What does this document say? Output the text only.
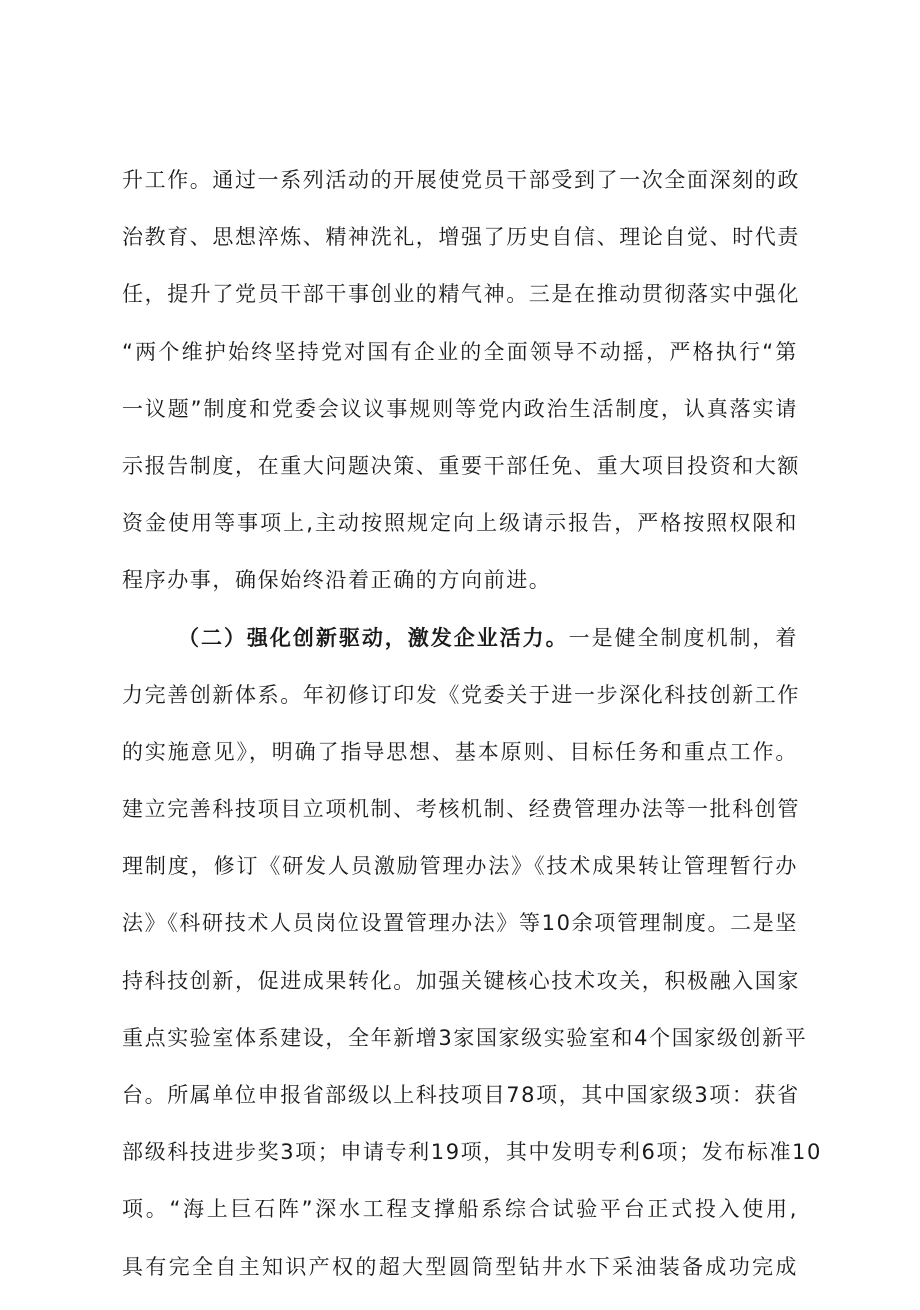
升工作。通过一系列活动的开展使党员干部受到了一次全面深刻的政
治教育、思想淬炼、精神洗礼，增强了历史自信、理论自觉、时代责
任，提升了党员干部干事创业的精气神。三是在推动贯彻落实中强化
“两个维护始终坚持党对国有企业的全面领导不动摇，严格执行“第
一议题”制度和党委会议议事规则等党内政治生活制度，认真落实请
示报告制度，在重大问题决策、重要干部任免、重大项目投资和大额
资金使用等事项上,主动按照规定向上级请示报告，严格按照权限和
程序办事，确保始终沿着正确的方向前进。
（二）强化创新驱动，激发企业活力。一是健全制度机制，着
力完善创新体系。年初修订印发《党委关于进一步深化科技创新工作
的实施意见》，明确了指导思想、基本原则、目标任务和重点工作。
建立完善科技项目立项机制、考核机制、经费管理办法等一批科创管
理制度，修订《研发人员激励管理办法》《技术成果转让管理暂行办
法》《科研技术人员岗位设置管理办法》等10余项管理制度。二是坚
持科技创新，促进成果转化。加强关键核心技术攻关，积极融入国家
重点实验室体系建设，全年新增3家国家级实验室和4个国家级创新平
台。所属单位申报省部级以上科技项目78项，其中国家级3项：获省
部级科技进步奖3项；申请专利19项，其中发明专利6项；发布标准10
项。“海上巨石阵”深水工程支撑船系综合试验平台正式投入使用,
具有完全自主知识产权的超大型圆筒型钻井水下采油装备成功完成
